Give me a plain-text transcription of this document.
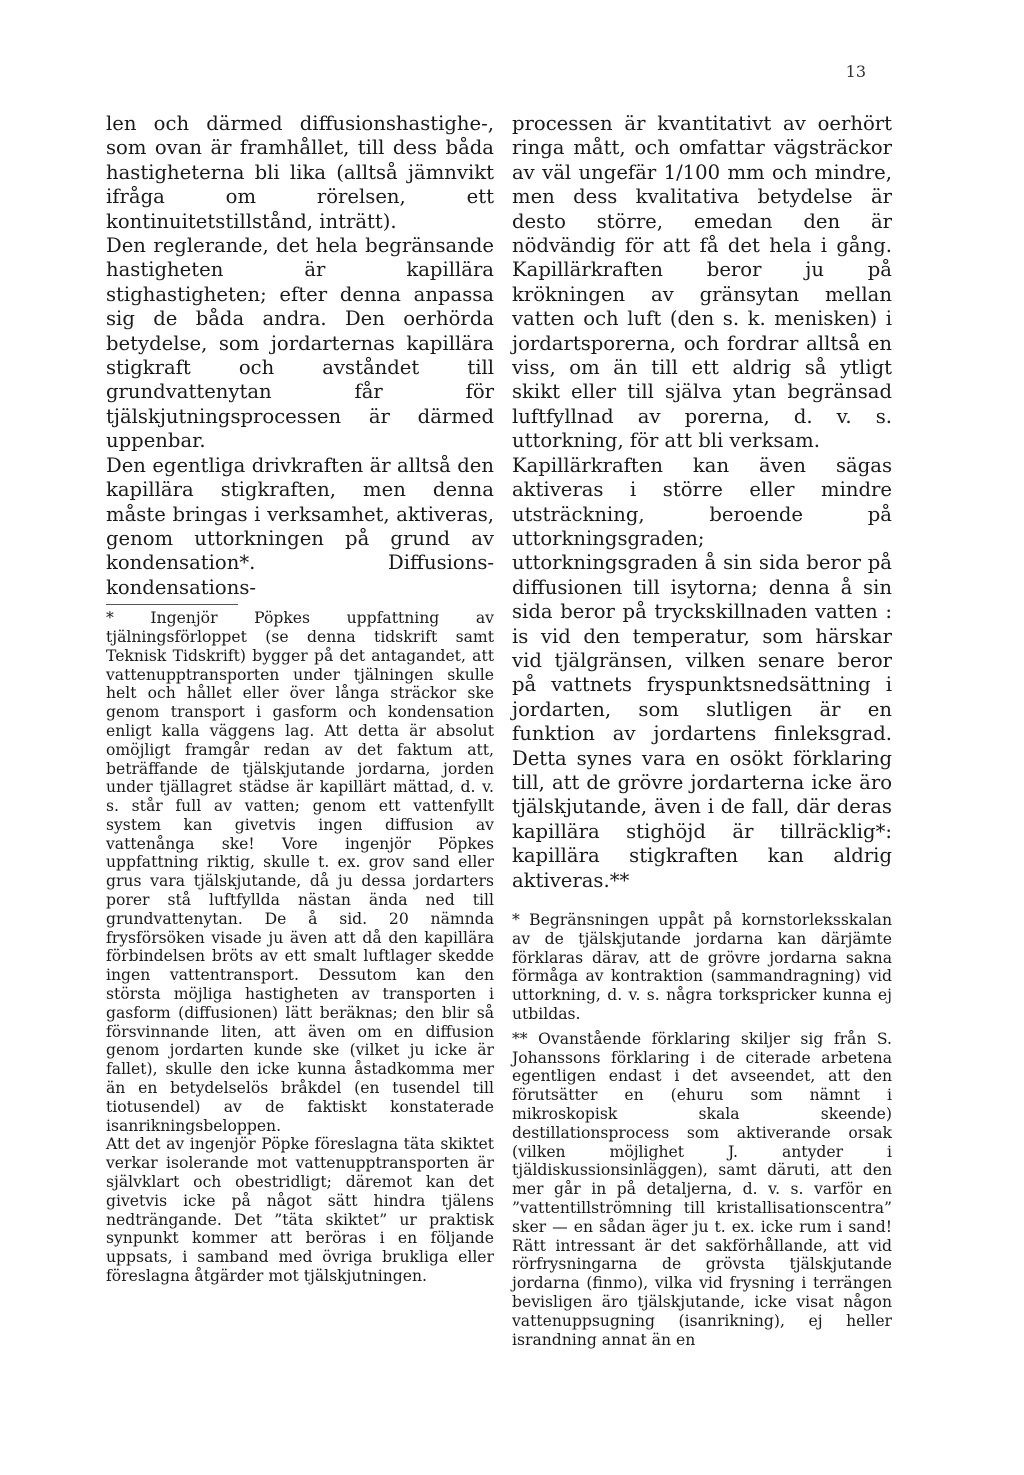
13

len och därmed diffusionshastighe-, som ovan är framhållet, till dess båda hastigheterna bli lika (alltså jämnvikt ifråga om rörelsen, ett kontinuitetstillstånd, inträtt).

Den reglerande, det hela begränsande hastigheten är kapillära stighastigheten; efter denna anpassa sig de båda andra. Den oerhörda betydelse, som jordarternas kapillära stigkraft och avståndet till grundvattenytan får för tjälskjutningsprocessen är därmed uppenbar.

Den egentliga drivkraften är alltså den kapillära stigkraften, men denna måste bringas i verksamhet, aktiveras, genom uttorkningen på grund av kondensation*. Diffusions-kondensations-

* Ingenjör Pöpkes uppfattning av tjälningsförloppet (se denna tidskrift samt Teknisk Tidskrift) bygger på det antagandet, att vattenupptransporten under tjälningen skulle helt och hållet eller över långa sträckor ske genom transport i gasform och kondensation enligt kalla väggens lag. Att detta är absolut omöjligt framgår redan av det faktum att, beträffande de tjälskjutande jordarna, jorden under tjällagret städse är kapillärt mättad, d. v. s. står full av vatten; genom ett vattenfyllt system kan givetvis ingen diffusion av vattenånga ske! Vore ingenjör Pöpkes uppfattning riktig, skulle t. ex. grov sand eller grus vara tjälskjutande, då ju dessa jordarters porer stå luftfyllda nästan ända ned till grundvattenytan. De å sid. 20 nämnda frysförsöken visade ju även att då den kapillära förbindelsen bröts av ett smalt luftlager skedde ingen vattentransport. Dessutom kan den största möjliga hastigheten av transporten i gasform (diffusionen) lätt beräknas; den blir så försvinnande liten, att även om en diffusion genom jordarten kunde ske (vilket ju icke är fallet), skulle den icke kunna åstadkomma mer än en betydelselös bråkdel (en tusendel till tiotusendel) av de faktiskt konstaterade isanrikningsbeloppen.

Att det av ingenjör Pöpke föreslagna täta skiktet verkar isolerande mot vattenupptransporten är självklart och obestridligt; däremot kan det givetvis icke på något sätt hindra tjälens nedträngande. Det ”täta skiktet” ur praktisk synpunkt kommer att beröras i en följande uppsats, i samband med övriga brukliga eller föreslagna åtgärder mot tjälskjutningen.

processen är kvantitativt av oerhört ringa mått, och omfattar vägsträckor av väl ungefär 1/100 mm och mindre, men dess kvalitativa betydelse är desto större, emedan den är nödvändig för att få det hela i gång. Kapillärkraften beror ju på krökningen av gränsytan mellan vatten och luft (den s. k. menisken) i jordartsporerna, och fordrar alltså en viss, om än till ett aldrig så ytligt skikt eller till själva ytan begränsad luftfyllnad av porerna, d. v. s. uttorkning, för att bli verksam.

Kapillärkraften kan även sägas aktiveras i större eller mindre utsträckning, beroende på uttorkningsgraden; uttorkningsgraden å sin sida beror på diffusionen till isytorna; denna å sin sida beror på tryckskillnaden vatten : is vid den temperatur, som härskar vid tjälgränsen, vilken senare beror på vattnets fryspunktsnedsättning i jordarten, som slutligen är en funktion av jordartens finleksgrad. Detta synes vara en osökt förklaring till, att de grövre jordarterna icke äro tjälskjutande, även i de fall, där deras kapillära stighöjd är tillräcklig*: kapillära stigkraften kan aldrig aktiveras.**

* Begränsningen uppåt på kornstorleksskalan av de tjälskjutande jordarna kan därjämte förklaras därav, att de grövre jordarna sakna förmåga av kontraktion (sammandragning) vid uttorkning, d. v. s. några torkspricker kunna ej utbildas.

** Ovanstående förklaring skiljer sig från S. Johanssons förklaring i de citerade arbetena egentligen endast i det avseendet, att den förutsätter en (ehuru som nämnt i mikroskopisk skala skeende) destillationsprocess som aktiverande orsak (vilken möjlighet J. antyder i tjäldiskussionsinläggen), samt däruti, att den mer går in på detaljerna, d. v. s. varför en ”vattentillströmning till kristallisationscentra” sker — en sådan äger ju t. ex. icke rum i sand! Rätt intressant är det sakförhållande, att vid rörfrysningarna de grövsta tjälskjutande jordarna (finmo), vilka vid frysning i terrängen bevisligen äro tjälskjutande, icke visat någon vattenuppsugning (isanrikning), ej heller israndning annat än en
